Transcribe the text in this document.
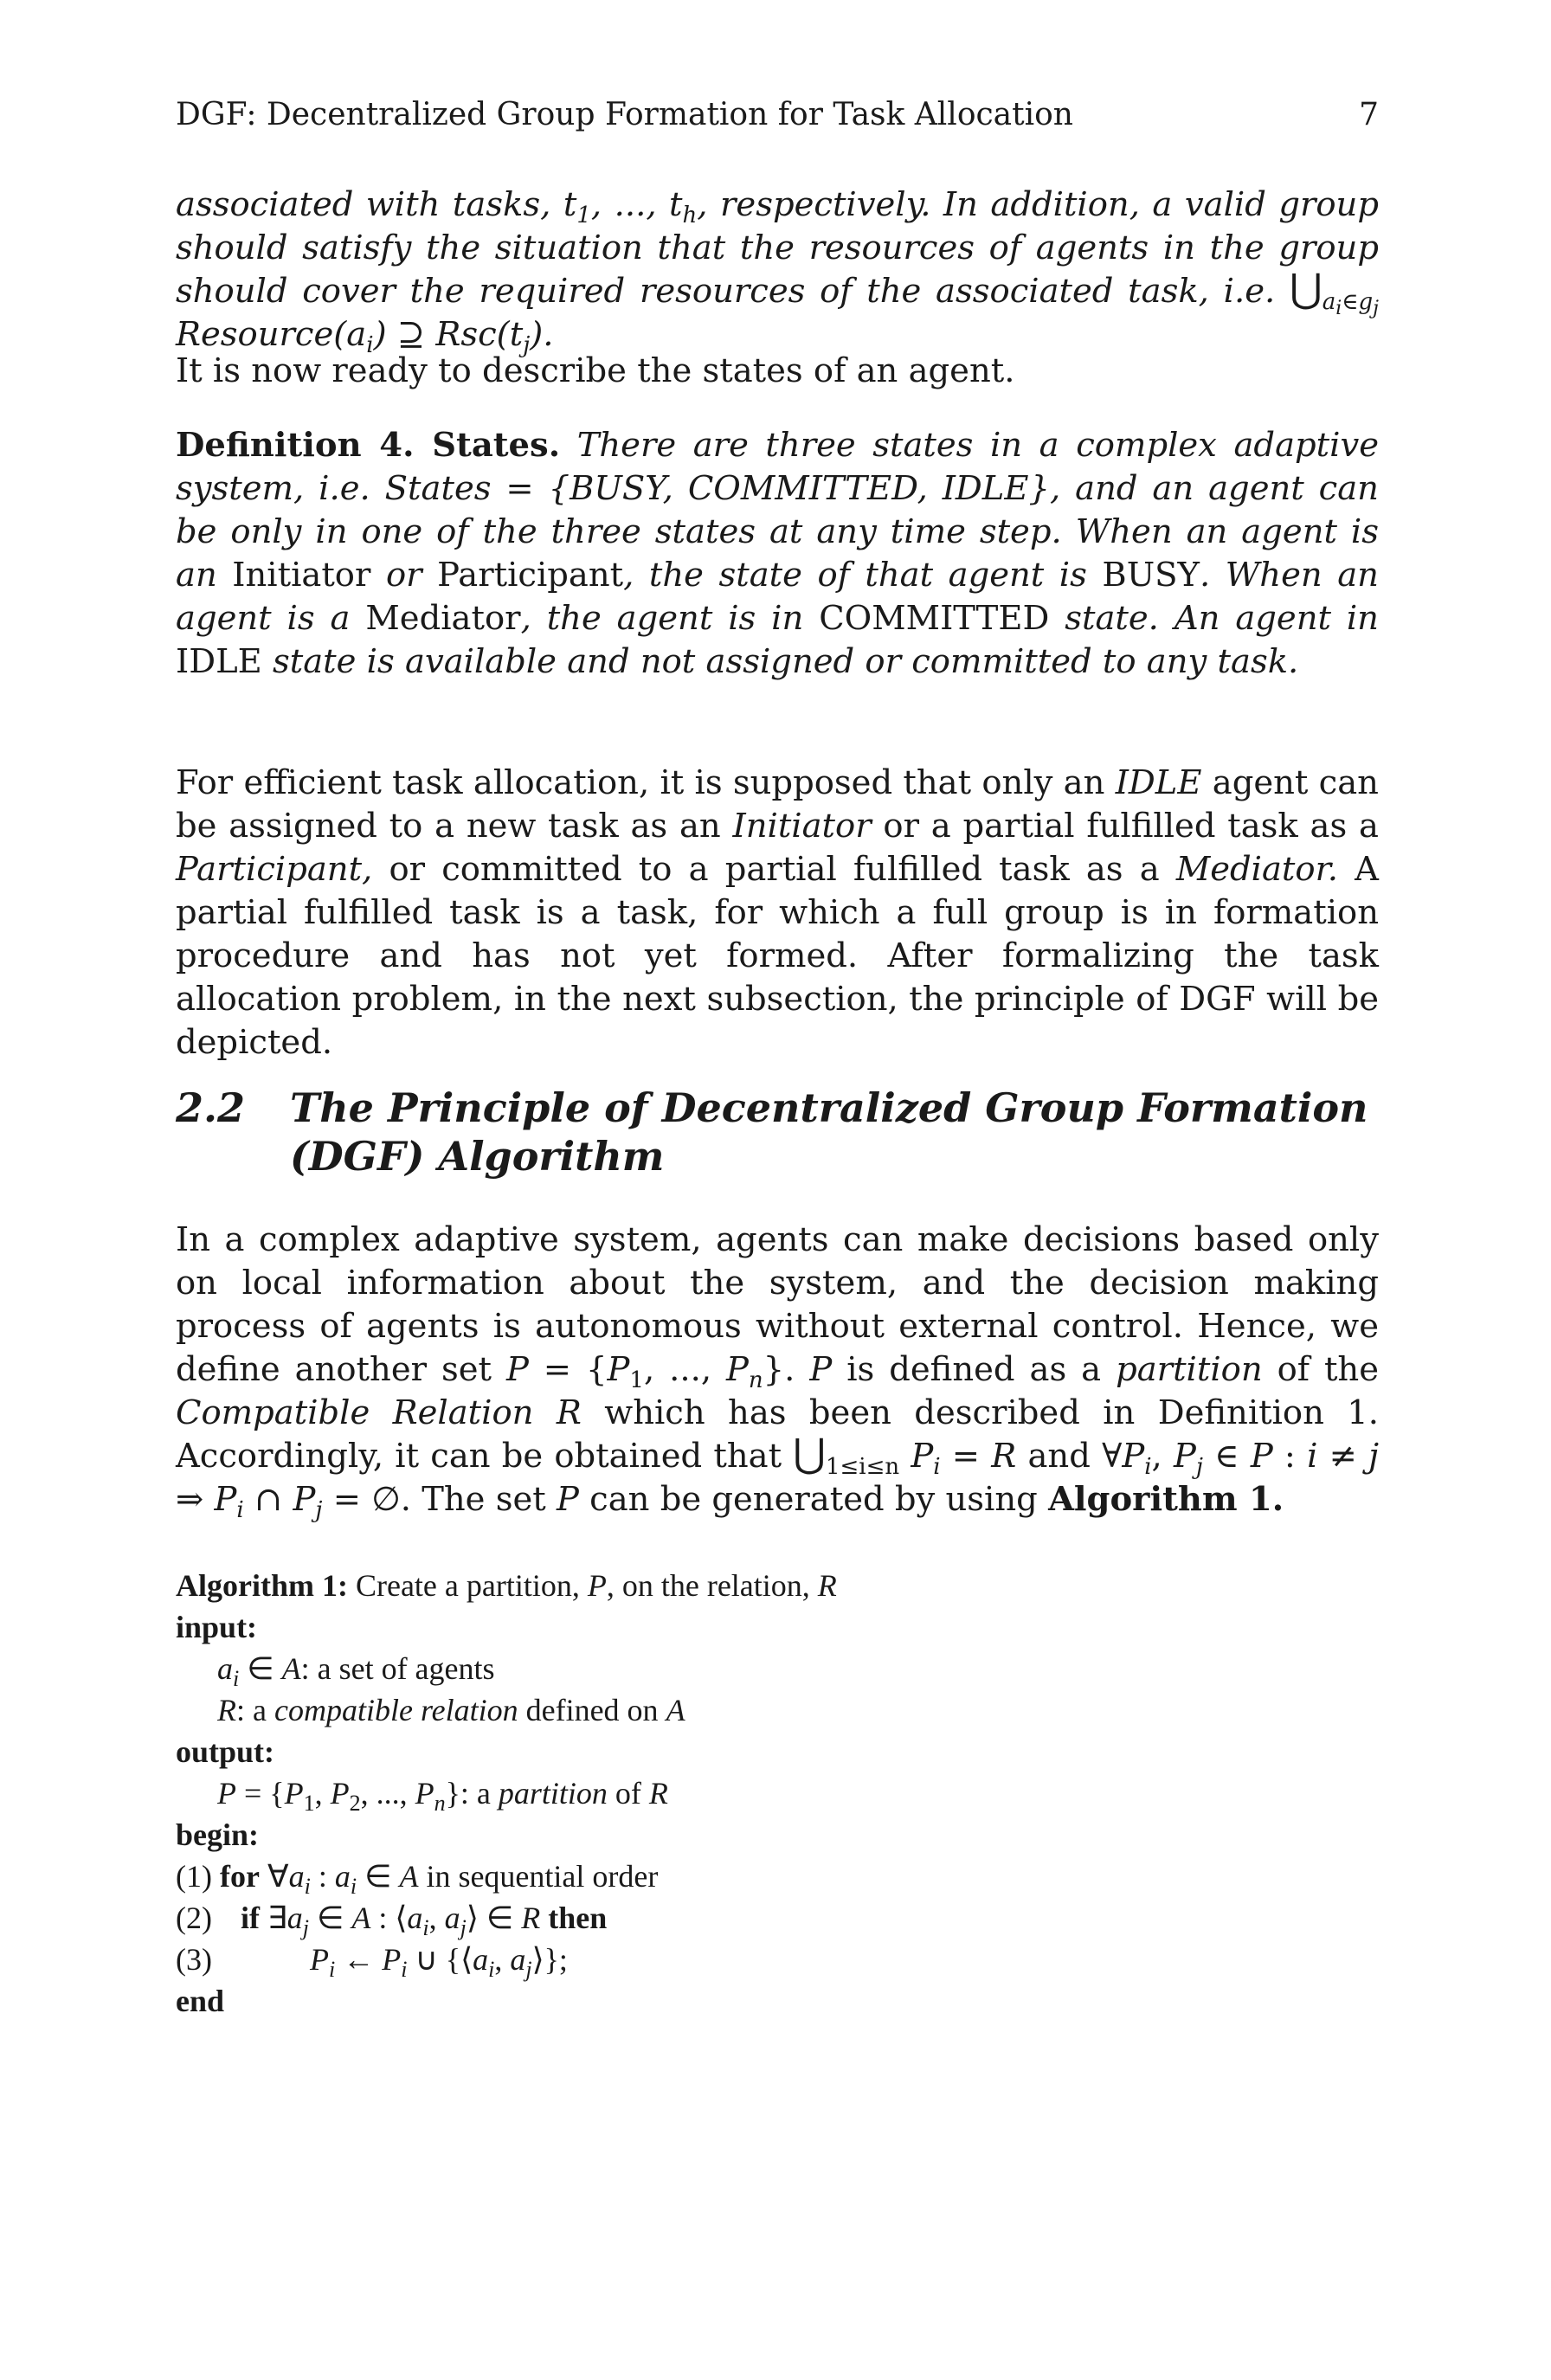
DGF: Decentralized Group Formation for Task Allocation	7

associated with tasks, $t_1$, ..., $t_h$, respectively. In addition, a valid group should satisfy the situation that the resources of agents in the group should cover the required resources of the associated task, i.e. $⋃_{a_i\in g_j}$ $Resource(a_i)$ ⊇ $Rsc(t_j)$.

It is now ready to describe the states of an agent.

Definition 4. States. There are three states in a complex adaptive system, i.e. States = {BUSY, COMMITTED, IDLE}, and an agent can be only in one of the three states at any time step. When an agent is an Initiator or Participant, the state of that agent is BUSY. When an agent is a Mediator, the agent is in COMMITTED state. An agent in IDLE state is available and not assigned or committed to any task.

For efficient task allocation, it is supposed that only an IDLE agent can be assigned to a new task as an Initiator or a partial fulfilled task as a Participant, or committed to a partial fulfilled task as a Mediator. A partial fulfilled task is a task, for which a full group is in formation procedure and has not yet formed. After formalizing the task allocation problem, in the next subsection, the principle of DGF will be depicted.

2.2 The Principle of Decentralized Group Formation
(DGF) Algorithm

In a complex adaptive system, agents can make decisions based only on local information about the system, and the decision making process of agents is autonomous without external control. Hence, we define another set $P = \{P_1$, ..., $P_n$}. P is defined as a partition of the Compatible Relation R which has been described in Definition 1. Accordingly, it can be obtained that $⋃_{1\le i\le n}$ $P_i = R$ and $\forall P_i$, $P_j$ ∈ P : i ≠ j ⇒ $P_i$ ∩ $P_j$ = ∅. The set P can be generated by using Algorithm 1.

Algorithm 1: Create a partition, P, on the relation, R
input:
$a_i$ ∈ A: a set of agents
R: a compatible relation defined on A
output:
$P = \{P_1$, $P_2$, ..., $P_n$}: a partition of R
begin:
(1) for $\forall a_i$ : $a_i$ ∈ A in sequential order
(2) if $\exists a_j$ ∈ A : $⟨a_i$, $a_j⟩$ ∈ R then
(3)	$P_i$ ← $P_i$ ∪ {$⟨a_i$, $a_j⟩$};
end
